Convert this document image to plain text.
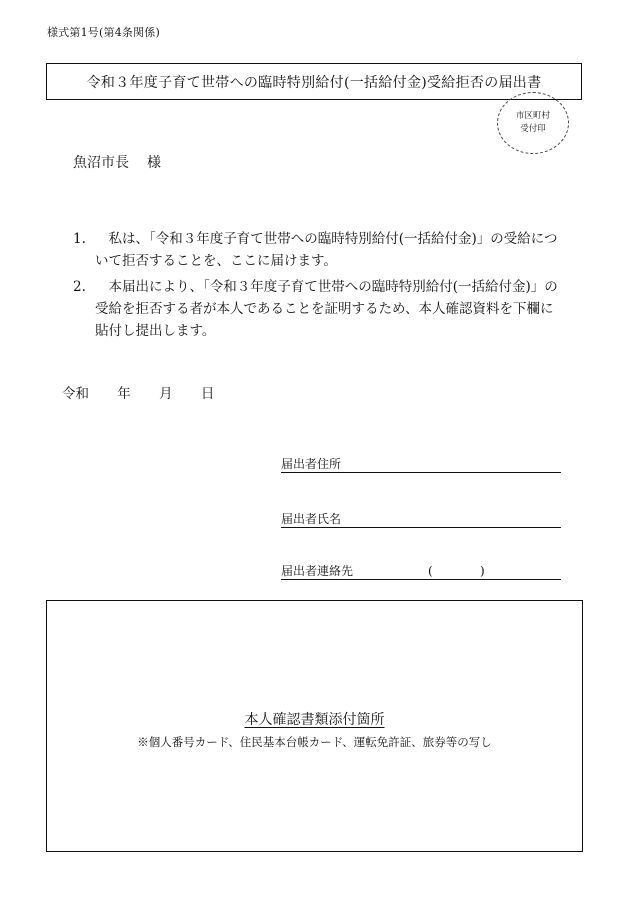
様式第1号(第4条関係)
令和３年度子育て世帯への臨時特別給付(一括給付金)受給拒否の届出書
市区町村
受付印
魚沼市長 様
1.	私は、「令和３年度子育て世帯への臨時特別給付(一括給付金)」の受給について拒否することを、ここに届けます。
2.	本届出により、「令和３年度子育て世帯への臨時特別給付(一括給付金)」の受給を拒否する者が本人であることを証明するため、本人確認資料を下欄に貼付し提出します。
令和 年 月 日
届出者住所
届出者氏名
届出者連絡先	(	)
本人確認書類添付箇所
※個人番号カード、住民基本台帳カード、運転免許証、旅券等の写し
